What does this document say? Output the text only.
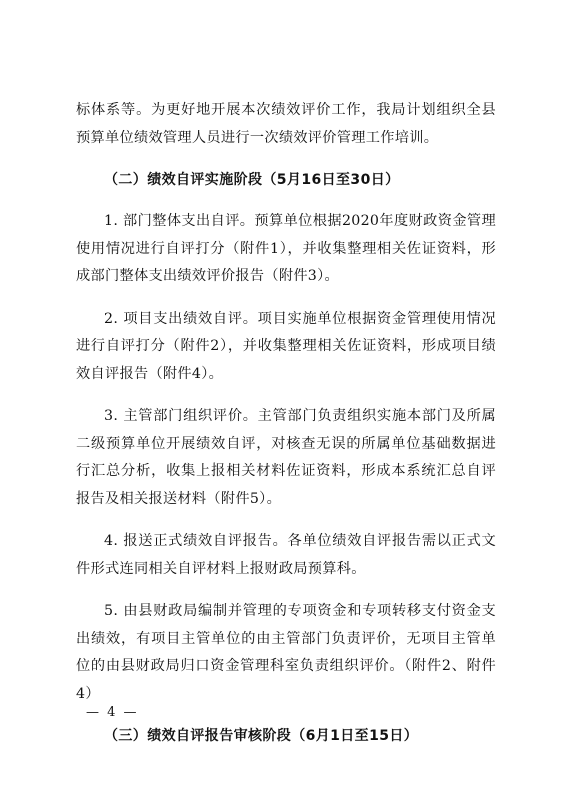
标体系等。为更好地开展本次绩效评价工作，我局计划组织全县预算单位绩效管理人员进行一次绩效评价管理工作培训。

（二）绩效自评实施阶段（5月16日至30日）

1. 部门整体支出自评。预算单位根据2020年度财政资金管理使用情况进行自评打分（附件1），并收集整理相关佐证资料，形成部门整体支出绩效评价报告（附件3）。

2. 项目支出绩效自评。项目实施单位根据资金管理使用情况进行自评打分（附件2），并收集整理相关佐证资料，形成项目绩效自评报告（附件4）。

3. 主管部门组织评价。主管部门负责组织实施本部门及所属二级预算单位开展绩效自评，对核查无误的所属单位基础数据进行汇总分析，收集上报相关材料佐证资料，形成本系统汇总自评报告及相关报送材料（附件5）。

4. 报送正式绩效自评报告。各单位绩效自评报告需以正式文件形式连同相关自评材料上报财政局预算科。

5. 由县财政局编制并管理的专项资金和专项转移支付资金支出绩效，有项目主管单位的由主管部门负责评价，无项目主管单位的由县财政局归口资金管理科室负责组织评价。（附件2、附件4）

（三）绩效自评报告审核阶段（6月1日至15日）

— 4 —
